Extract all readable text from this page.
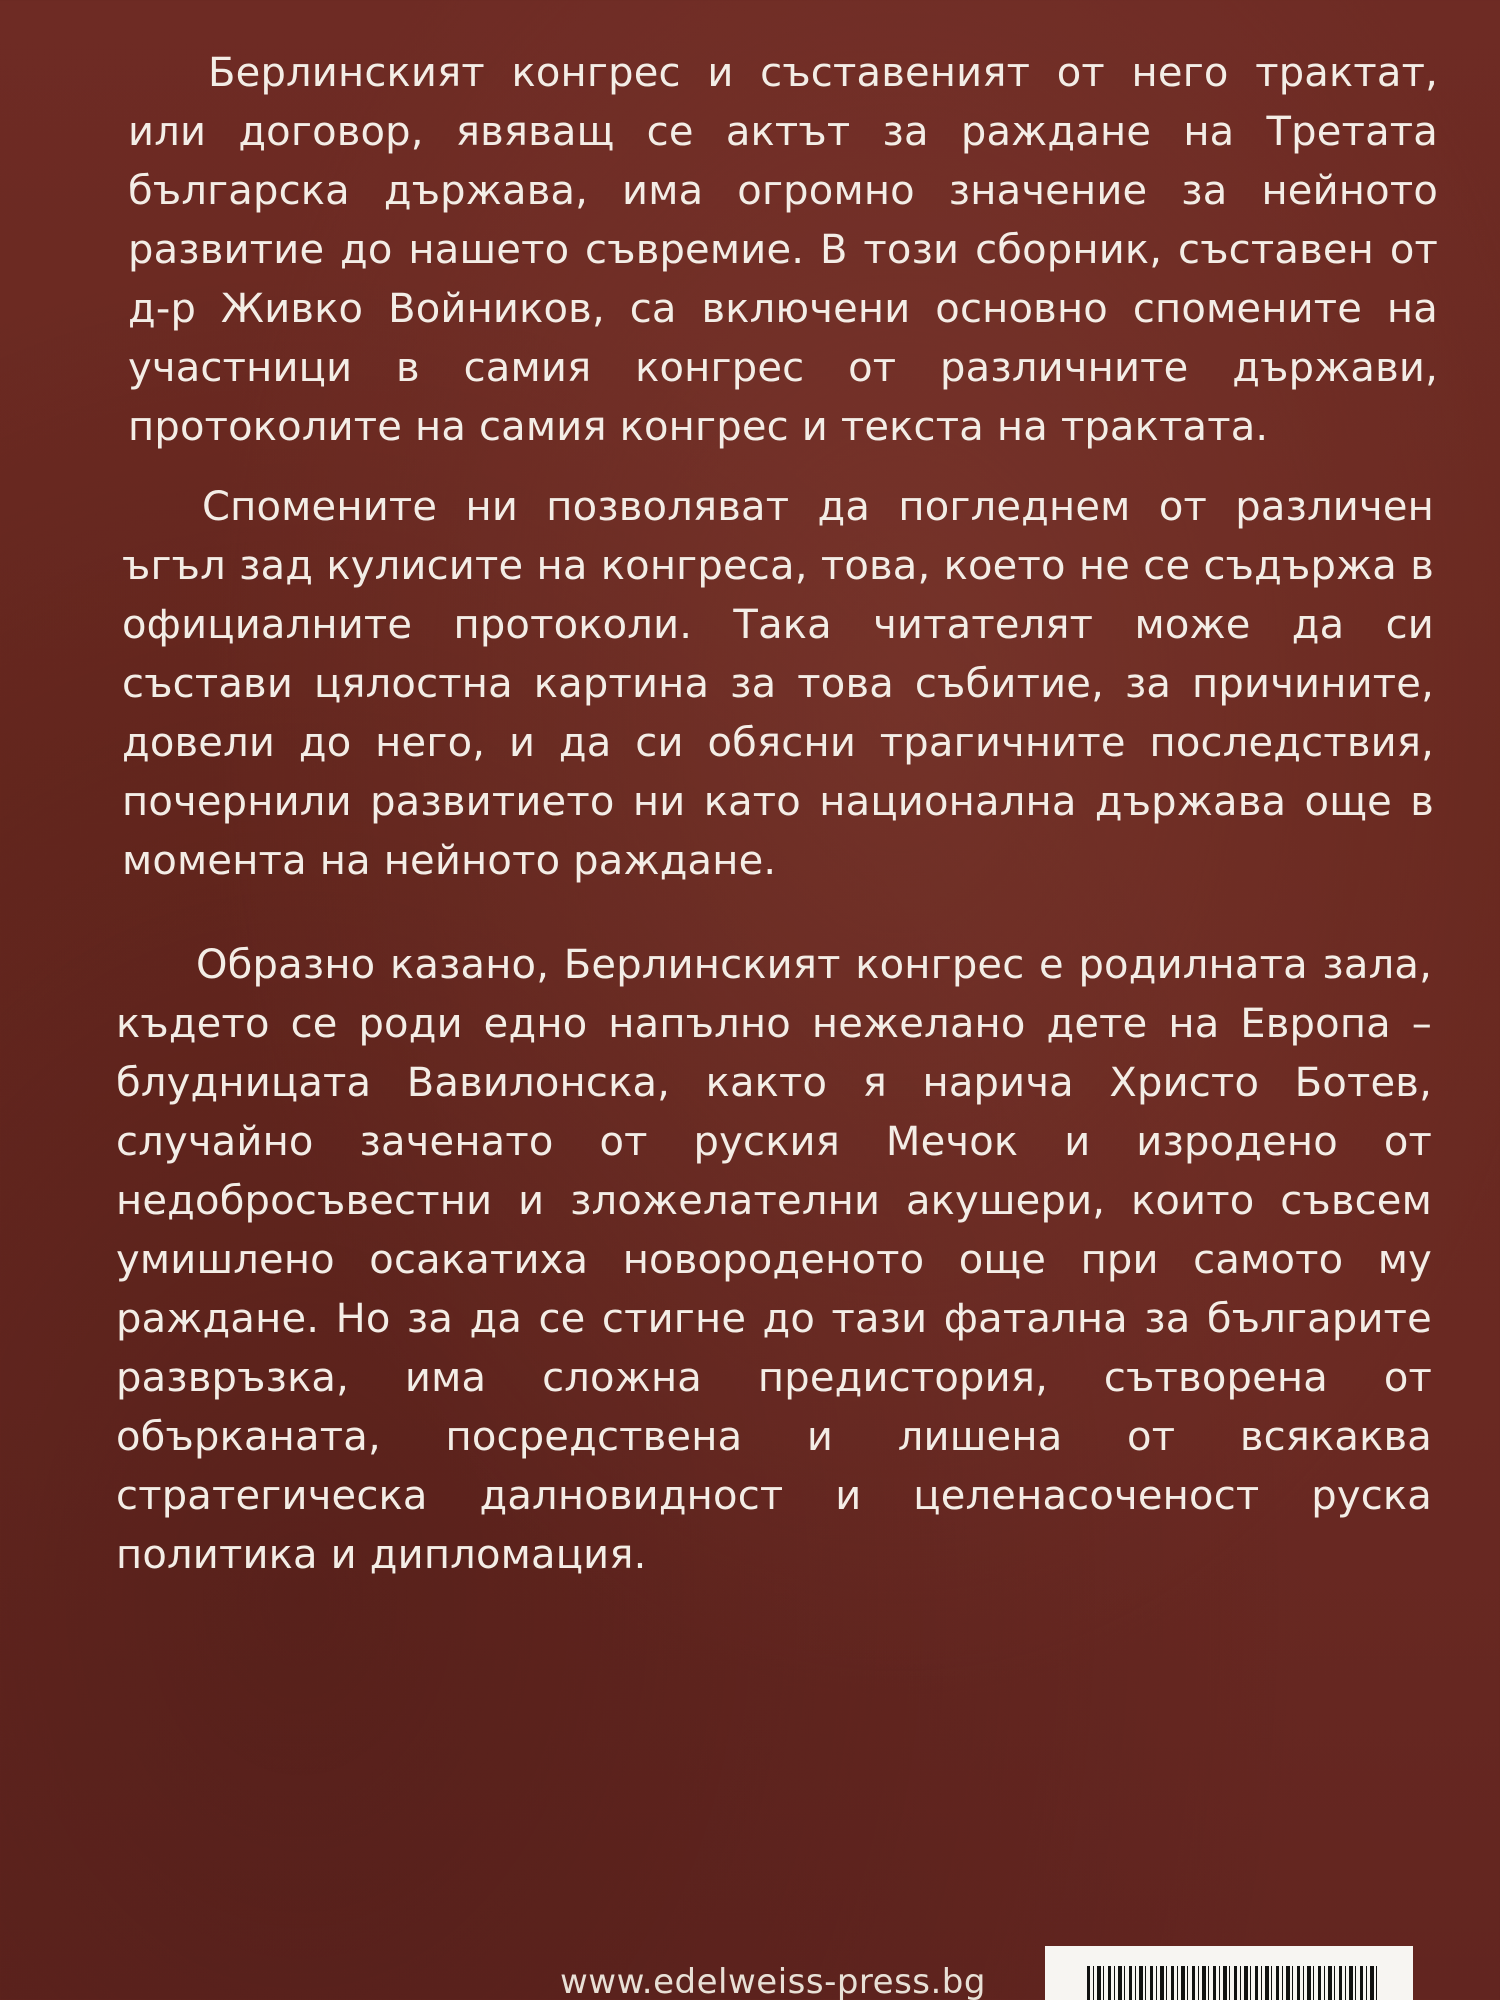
Берлинският конгрес и съставеният от него трактат, или договор, явяващ се актът за раждане на Третата българска държава, има огромно значение за нейното развитие до нашето съвремие. В този сборник, съставен от д-р Живко Войников, са включени основно спомените на участници в самия конгрес от различните държави, протоколите на самия конгрес и текста на трактата.

Спомените ни позволяват да погледнем от различен ъгъл зад кулисите на конгреса, това, което не се съдържа в официалните протоколи. Така читателят може да си състави цялостна картина за това събитие, за причините, довели до него, и да си обясни трагичните последствия, почернили развитието ни като национална държава още в момента на нейното раждане.

Образно казано, Берлинският конгрес е родилната зала, където се роди едно напълно нежелано дете на Европа – блудницата Вавилонска, както я нарича Христо Ботев, случайно заченато от руския Мечок и изродено от недобросъвестни и зложелателни акушери, които съвсем умишлено осакатиха новороденото още при самото му раждане. Но за да се стигне до тази фатална за българите развръзка, има сложна предистория, сътворена от обърканата, посредствена и лишена от всякаква стратегическа далновидност и целенасоченост руска политика и дипломация.

www.edelweiss-press.bg
